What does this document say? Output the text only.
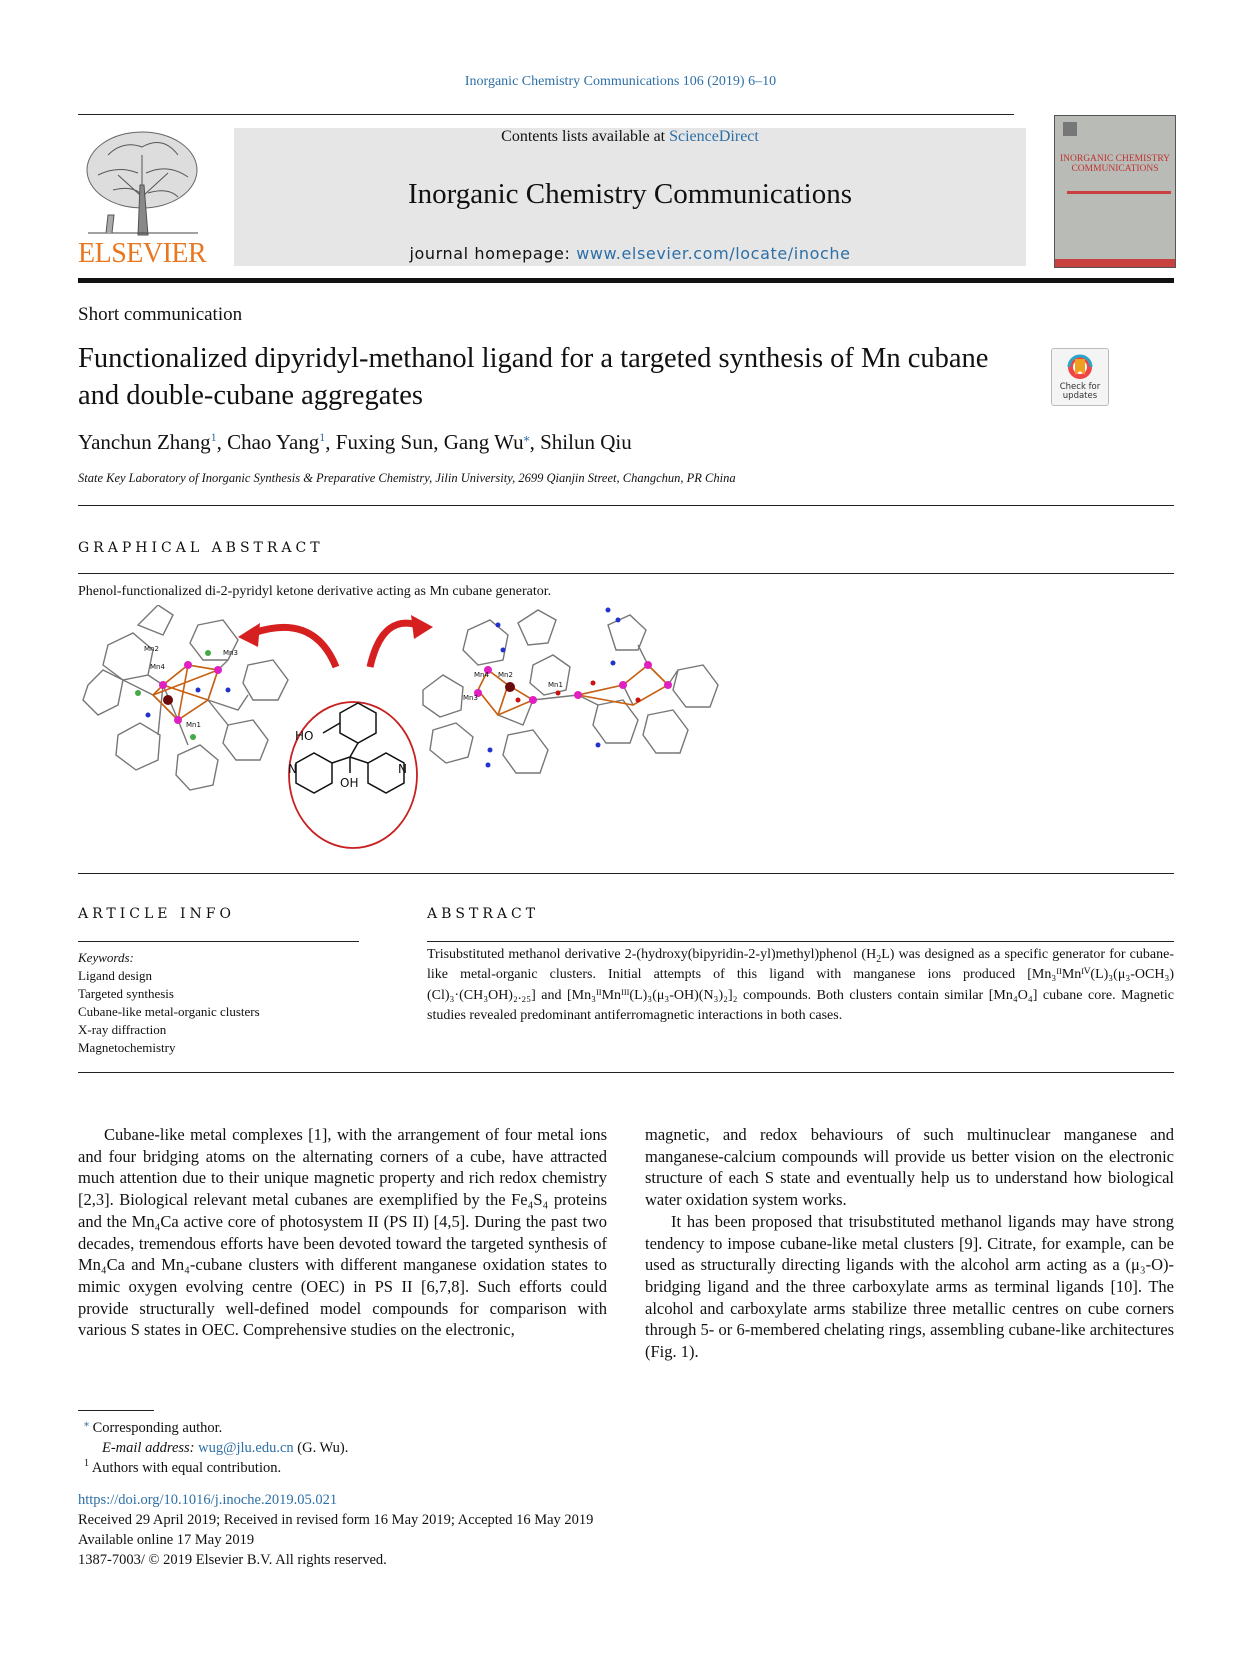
Inorganic Chemistry Communications 106 (2019) 6–10
ELSEVIER
Contents lists available at ScienceDirect
Inorganic Chemistry Communications
journal homepage: www.elsevier.com/locate/inoche
INORGANIC CHEMISTRY COMMUNICATIONS
Short communication
Functionalized dipyridyl-methanol ligand for a targeted synthesis of Mn cubane and double-cubane aggregates	Check for updates
Yanchun Zhang$^1$, Chao Yang$^1$, Fuxing Sun, Gang Wu⁎, Shilun Qiu
State Key Laboratory of Inorganic Synthesis & Preparative Chemistry, Jilin University, 2699 Qianjin Street, Changchun, PR China
GRAPHICAL ABSTRACT
Phenol-functionalized di-2-pyridyl ketone derivative acting as Mn cubane generator.
Mn2	Mn3
Mn4
Mn1
HO
OH
N	N
Mn4 Mn2
Mn3
Mn1
ARTICLE INFO	ABSTRACT
Keywords:
Ligand design
Targeted synthesis
Cubane-like metal-organic clusters
X-ray diffraction
Magnetochemistry
Trisubstituted methanol derivative 2-(hydroxy(bipyridin-2-yl)methyl)phenol $(H_2L)$ was designed as a specific generator for cubane-like metal-organic clusters. Initial attempts of this ligand with manganese ions produced [Mn₃ᴵᴵMnᴵⱽ(L)₃(μ₃-OCH₃)(Cl)₃·(CH₃OH)₂.₂₅] and [Mn₃ᴵᴵMnᴵᴵᴵ(L)₃(μ₃-OH)(N₃)₂]₂ compounds. Both clusters contain similar [Mn₄O₄] cubane core. Magnetic studies revealed predominant antiferromagnetic interactions in both cases.

Cubane-like metal complexes [1], with the arrangement of four metal ions and four bridging atoms on the alternating corners of a cube, have attracted much attention due to their unique magnetic property and rich redox chemistry [2,3]. Biological relevant metal cubanes are exemplified by the Fe₄S₄ proteins and the Mn₄Ca active core of photosystem II (PS II) [4,5]. During the past two decades, tremendous efforts have been devoted toward the targeted synthesis of Mn₄Ca and Mn₄-cubane clusters with different manganese oxidation states to mimic oxygen evolving centre (OEC) in PS II [6,7,8]. Such efforts could provide structurally well-defined model compounds for comparison with various S states in OEC. Comprehensive studies on the electronic,

magnetic, and redox behaviours of such multinuclear manganese and manganese-calcium compounds will provide us better vision on the electronic structure of each S state and eventually help us to understand how biological water oxidation system works.

It has been proposed that trisubstituted methanol ligands may have strong tendency to impose cubane-like metal clusters [9]. Citrate, for example, can be used as structurally directing ligands with the alcohol arm acting as a (μ₃-O)-bridging ligand and the three carboxylate arms as terminal ligands [10]. The alcohol and carboxylate arms stabilize three metallic centres on cube corners through 5- or 6-membered chelating rings, assembling cubane-like architectures (Fig. 1).

⁎ Corresponding author.
E-mail address: wug@jlu.edu.cn (G. Wu).
$^1$ Authors with equal contribution.
https://doi.org/10.1016/j.inoche.2019.05.021
Received 29 April 2019; Received in revised form 16 May 2019; Accepted 16 May 2019
Available online 17 May 2019
1387-7003/ © 2019 Elsevier B.V. All rights reserved.
